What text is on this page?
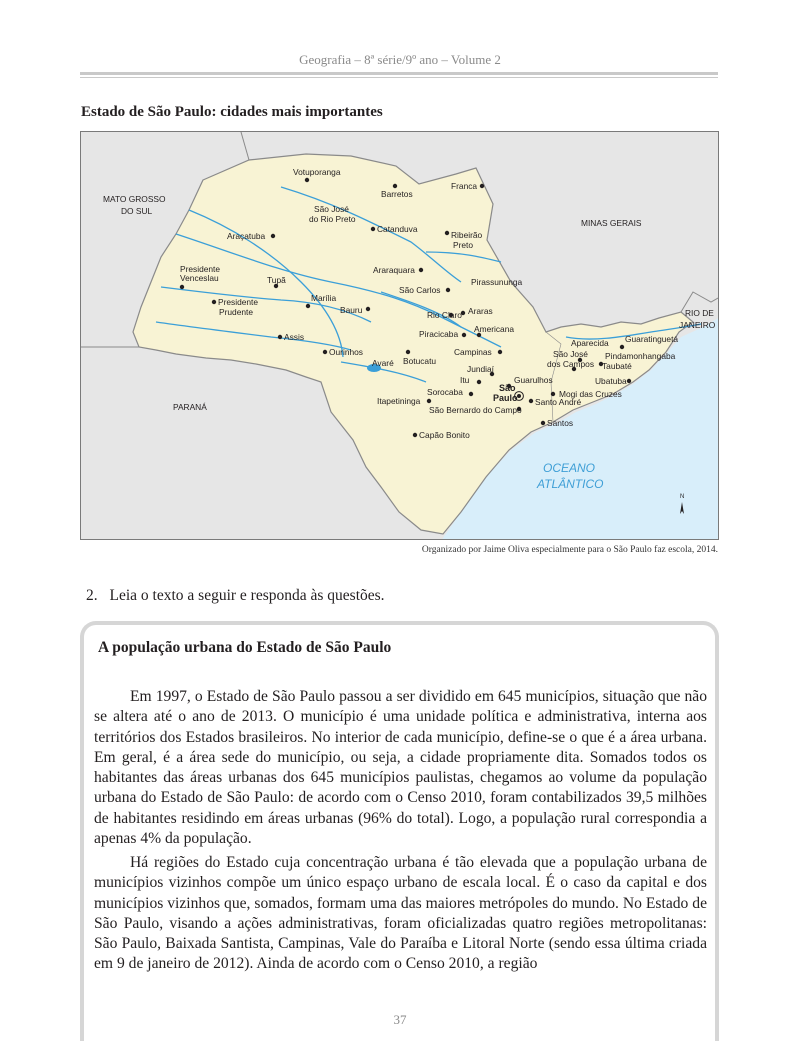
Geografia – 8ª série/9º ano – Volume 2
Estado de São Paulo: cidades mais importantes
MATO GROSSO
DO SUL
MINAS GERAIS
RIO DE
JANEIRO
PARANÁ
OCEANO
ATLÂNTICO
N
Votuporanga
Barretos
Franca
São José
do Rio Preto
Catanduva
Ribeirão
Preto
Araçatuba
Araraquara
Pirassununga
São Carlos
Presidente
Venceslau	Tupã
Marília
Presidente
Prudente	Bauru	Rio Claro Araras
Piracicaba Americana
Assis
Ourinhos
Avaré Botucatu
Campinas
Aparecida Guaratinguetá
Pindamonhangaba
São José
dos Campos Taubaté
Jundiaí
Itu	Guarulhos	Ubatuba
São
Paulo
Sorocaba	Mogi das Cruzes
Itapetininga	Santo André
São Bernardo do Campo
Santos
Capão Bonito
Organizado por Jaime Oliva especialmente para o São Paulo faz escola, 2014.
2. Leia o texto a seguir e responda às questões.
A população urbana do Estado de São Paulo

Em 1997, o Estado de São Paulo passou a ser dividido em 645 municípios, situação que não se altera até o ano de 2013. O município é uma unidade política e administrativa, interna aos territórios dos Estados brasileiros. No interior de cada município, define-se o que é a área urbana. Em geral, é a área sede do município, ou seja, a cidade propriamente dita. Somados todos os habitantes das áreas urbanas dos 645 municípios paulistas, chegamos ao volume da população urbana do Estado de São Paulo: de acordo com o Censo 2010, foram contabilizados 39,5 milhões de habitantes residindo em áreas urbanas (96% do total). Logo, a população rural correspondia a apenas 4% da população.

Há regiões do Estado cuja concentração urbana é tão elevada que a população urbana de municípios vizinhos compõe um único espaço urbano de escala local. É o caso da capital e dos municípios vizinhos que, somados, formam uma das maiores metrópoles do mundo. No Estado de São Paulo, visando a ações administrativas, foram oficializadas quatro regiões metropolitanas: São Paulo, Baixada Santista, Campinas, Vale do Paraíba e Litoral Norte (sendo essa última criada em 9 de janeiro de 2012). Ainda de acordo com o Censo 2010, a região

37
